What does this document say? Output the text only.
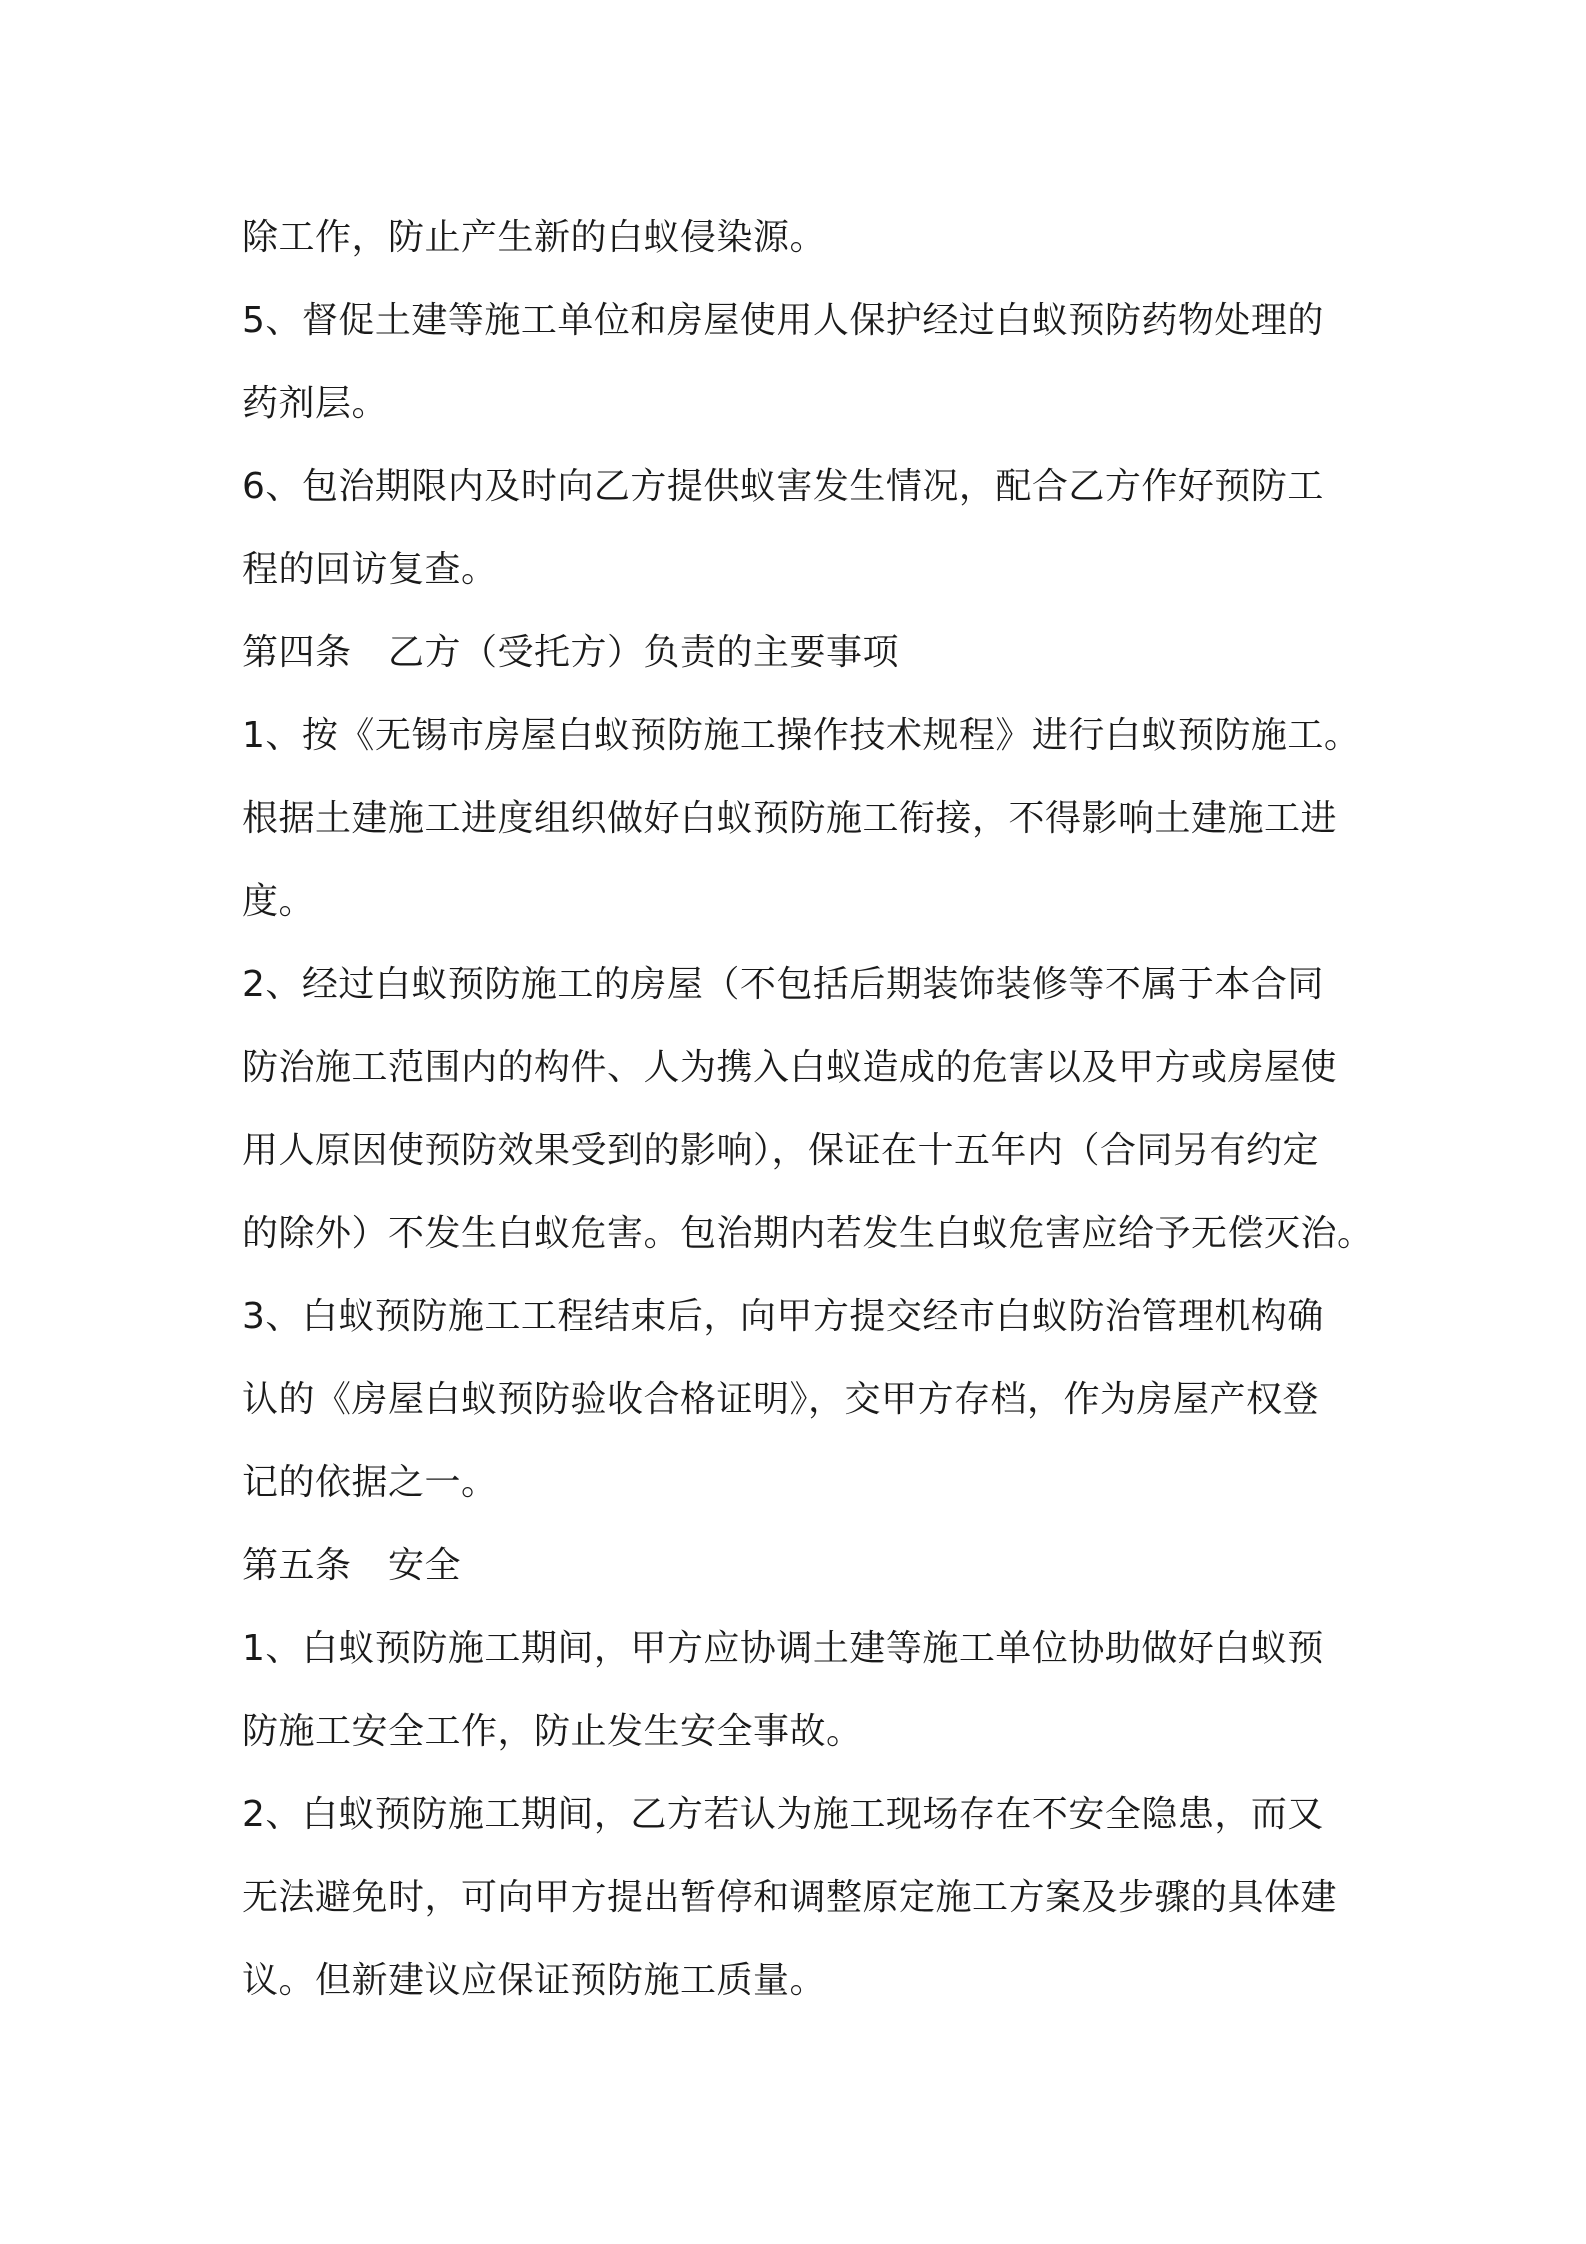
除工作，防止产生新的白蚁侵染源。
5、督促土建等施工单位和房屋使用人保护经过白蚁预防药物处理的
药剂层。
6、包治期限内及时向乙方提供蚁害发生情况，配合乙方作好预防工
程的回访复查。
第四条　乙方（受托方）负责的主要事项
1、按《无锡市房屋白蚁预防施工操作技术规程》进行白蚁预防施工。
根据土建施工进度组织做好白蚁预防施工衔接，不得影响土建施工进
度。
2、经过白蚁预防施工的房屋（不包括后期装饰装修等不属于本合同
防治施工范围内的构件、人为携入白蚁造成的危害以及甲方或房屋使
用人原因使预防效果受到的影响），保证在十五年内（合同另有约定
的除外）不发生白蚁危害。包治期内若发生白蚁危害应给予无偿灭治。
3、白蚁预防施工工程结束后，向甲方提交经市白蚁防治管理机构确
认的《房屋白蚁预防验收合格证明》，交甲方存档，作为房屋产权登
记的依据之一。
第五条　安全
1、白蚁预防施工期间，甲方应协调土建等施工单位协助做好白蚁预
防施工安全工作，防止发生安全事故。
2、白蚁预防施工期间，乙方若认为施工现场存在不安全隐患，而又
无法避免时，可向甲方提出暂停和调整原定施工方案及步骤的具体建
议。但新建议应保证预防施工质量。
